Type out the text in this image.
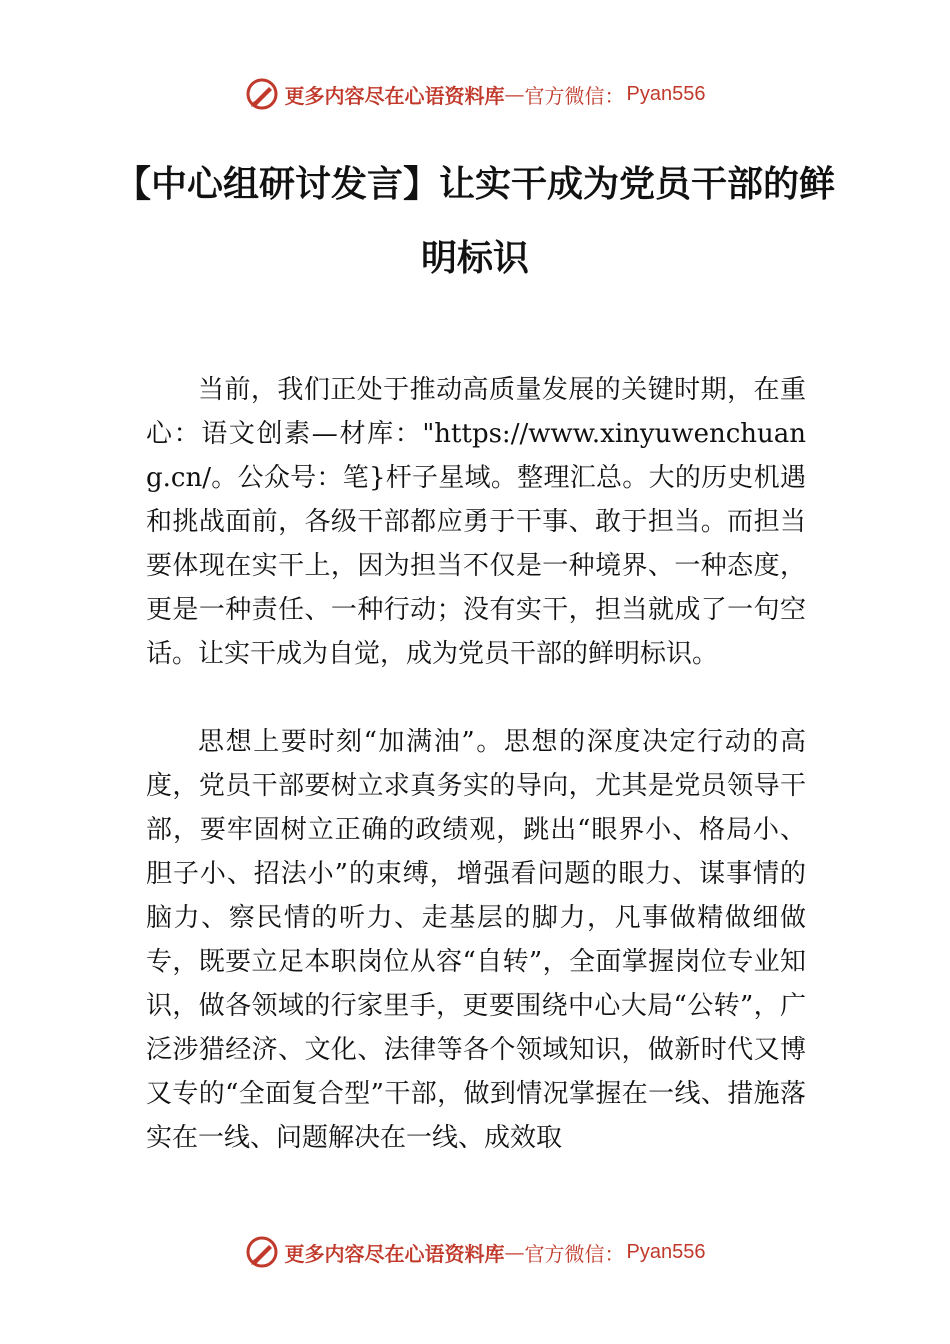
更多内容尽在心语资料库 — 官方微信： Pyan556
【中心组研讨发言】让实干成为党员干部的鲜明标识

当前，我们正处于推动高质量发展的关键时期，在重心：语文创素—材库："https://www.xinyuwenchuang.cn/。公众号：笔}杆子星域。整理汇总。大的历史机遇和挑战面前，各级干部都应勇于干事、敢于担当。而担当要体现在实干上，因为担当不仅是一种境界、一种态度，更是一种责任、一种行动；没有实干，担当就成了一句空话。让实干成为自觉，成为党员干部的鲜明标识。

思想上要时刻“加满油”。思想的深度决定行动的高度，党员干部要树立求真务实的导向，尤其是党员领导干部，要牢固树立正确的政绩观，跳出“眼界小、格局小、胆子小、招法小”的束缚，增强看问题的眼力、谋事情的脑力、察民情的听力、走基层的脚力，凡事做精做细做专，既要立足本职岗位从容“自转”，全面掌握岗位专业知识，做各领域的行家里手，更要围绕中心大局“公转”，广泛涉猎经济、文化、法律等各个领域知识，做新时代又博又专的“全面复合型”干部，做到情况掌握在一线、措施落实在一线、问题解决在一线、成效取

更多内容尽在心语资料库 — 官方微信： Pyan556
